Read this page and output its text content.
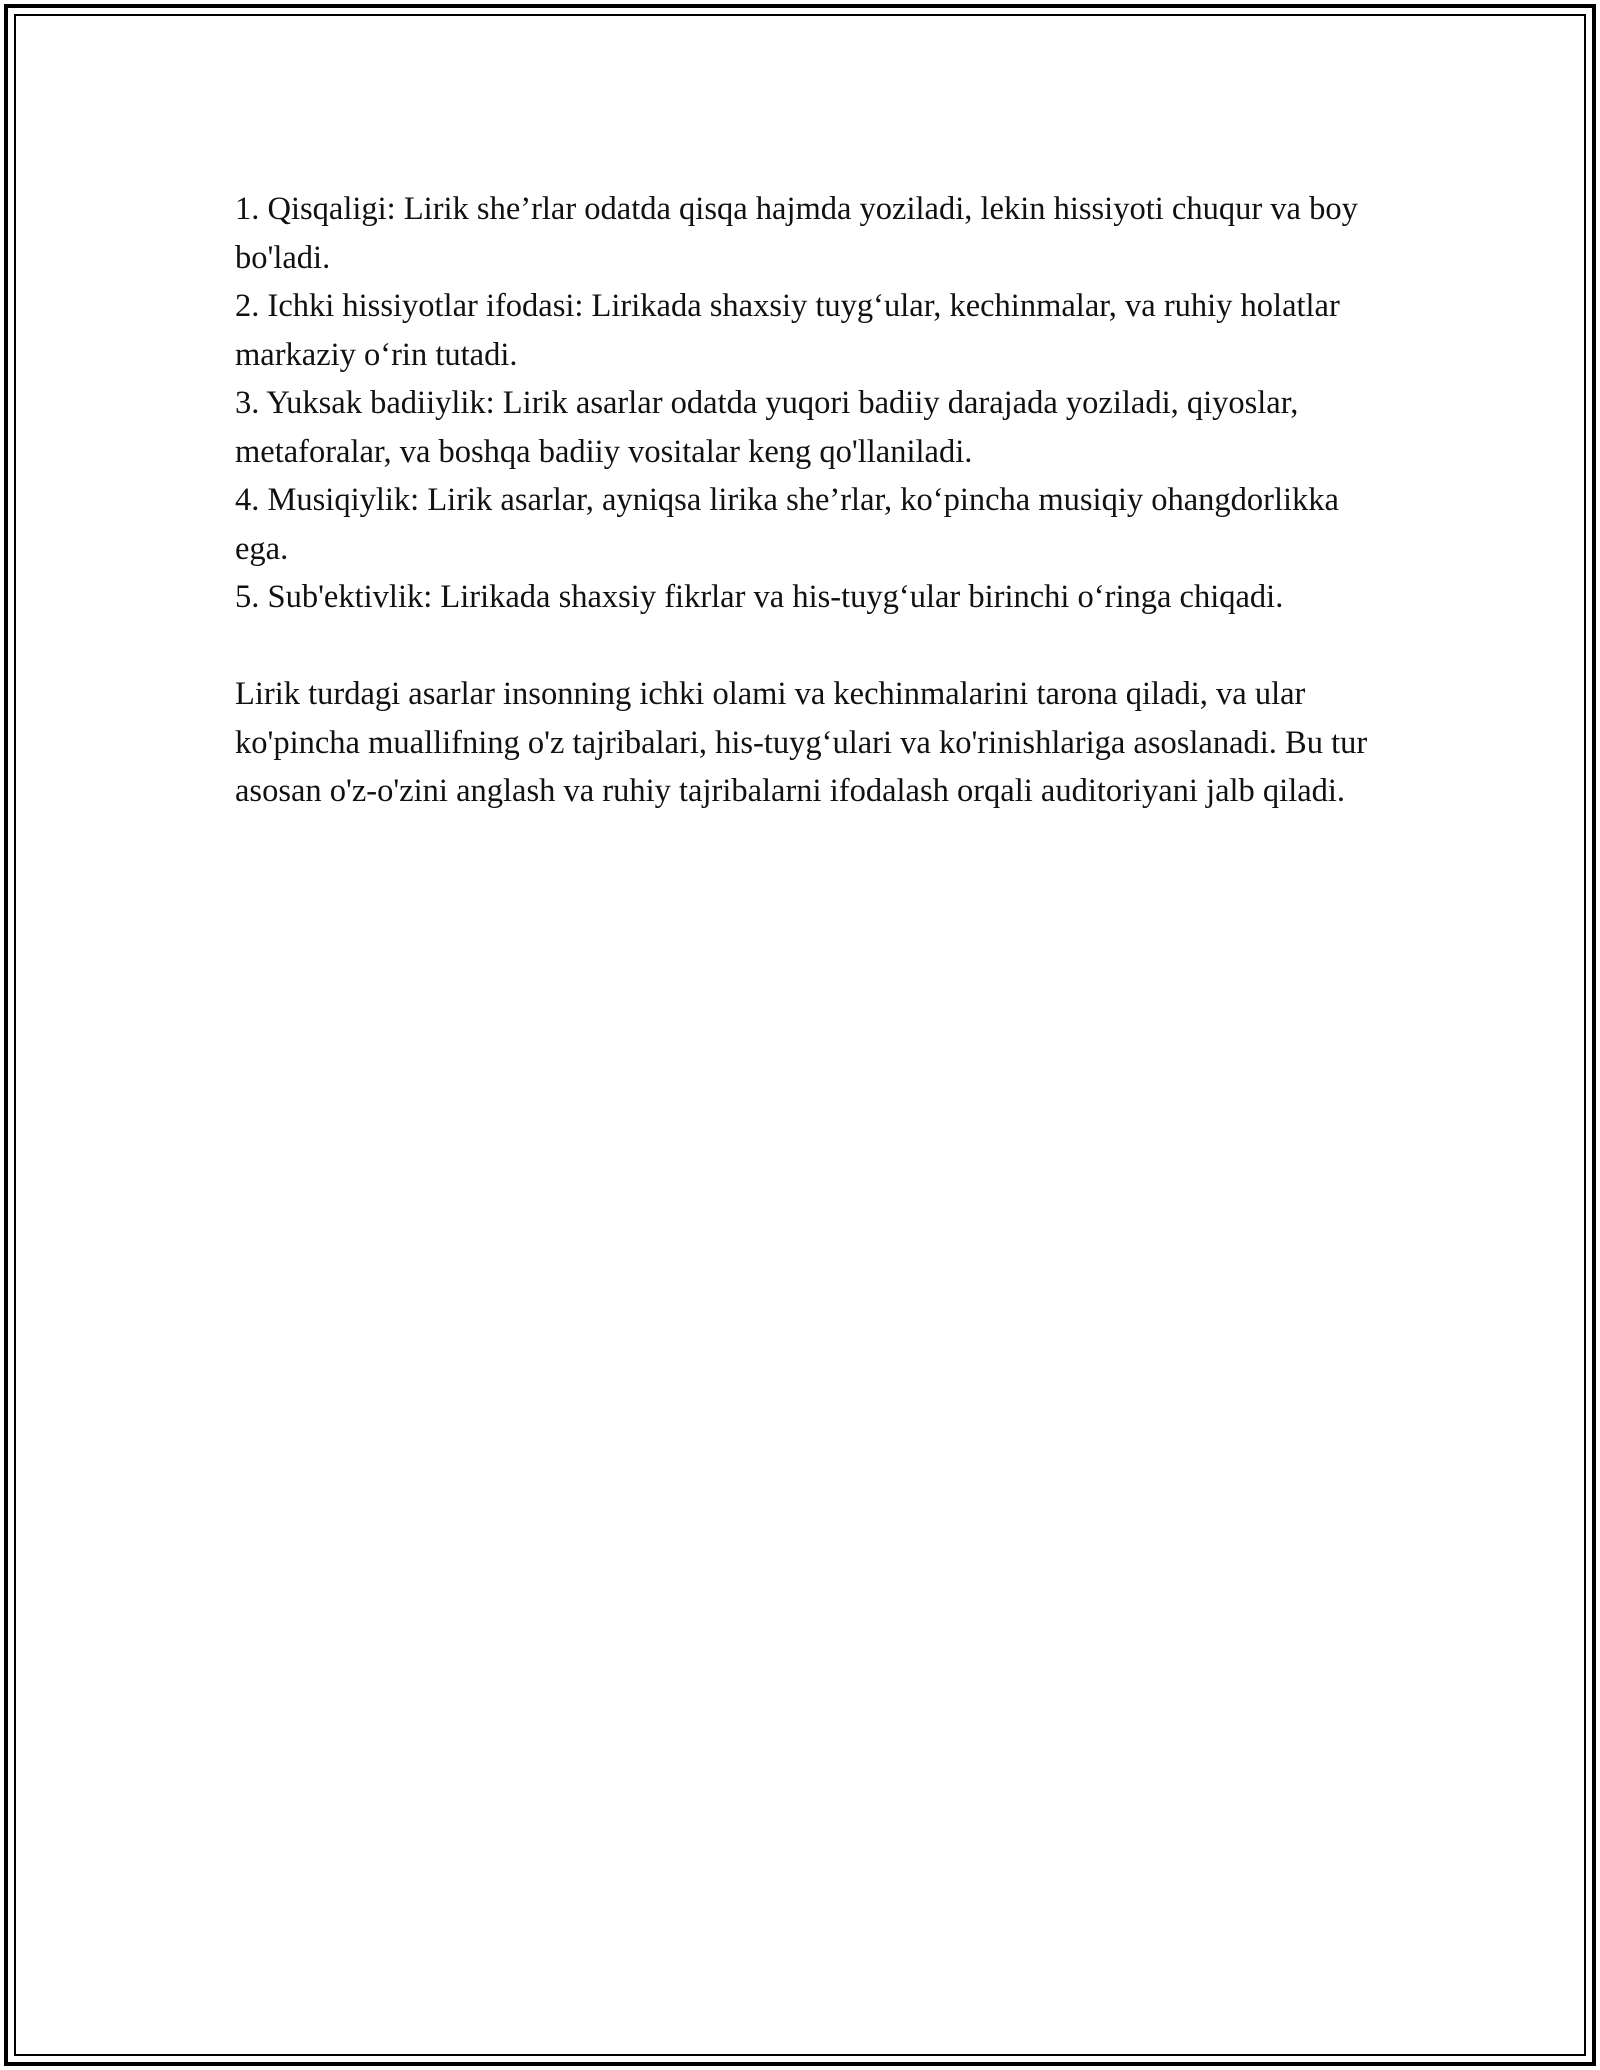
1. Qisqaligi: Lirik she’rlar odatda qisqa hajmda yoziladi, lekin hissiyoti chuqur va boy bo'ladi.

2. Ichki hissiyotlar ifodasi: Lirikada shaxsiy tuyg‘ular, kechinmalar, va ruhiy holatlar markaziy o‘rin tutadi.

3. Yuksak badiiylik: Lirik asarlar odatda yuqori badiiy darajada yoziladi, qiyoslar, metaforalar, va boshqa badiiy vositalar keng qo'llaniladi.

4. Musiqiylik: Lirik asarlar, ayniqsa lirika she’rlar, ko‘pincha musiqiy ohangdorlikka ega.

5. Sub'ektivlik: Lirikada shaxsiy fikrlar va his-tuyg‘ular birinchi o‘ringa chiqadi.

Lirik turdagi asarlar insonning ichki olami va kechinmalarini tarona qiladi, va ular ko'pincha muallifning o'z tajribalari, his-tuyg‘ulari va ko'rinishlariga asoslanadi. Bu tur asosan o'z-o'zini anglash va ruhiy tajribalarni ifodalash orqali auditoriyani jalb qiladi.
